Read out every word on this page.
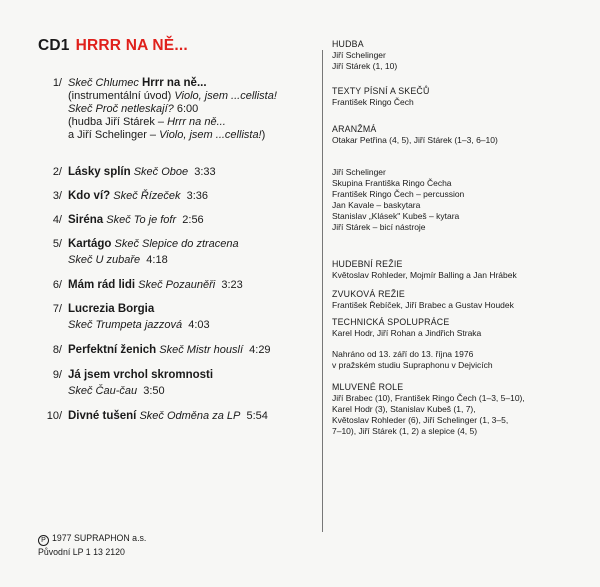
CD1 HRRR NA NĚ...
1/ Skeč Chlumec Hrrr na ně...
(instrumentální úvod) Violo, jsem ...cellista!
Skeč Proč netleskají? 6:00
(hudba Jiří Stárek – Hrrr na ně...
a Jiří Schelinger – Violo, jsem ...cellista!)
2/ Lásky splín Skeč Oboe 3:33
3/ Kdo ví? Skeč Řízeček 3:36
4/ Siréna Skeč To je fofr 2:56
5/ Kartágo Skeč Slepice do ztracena
Skeč U zubaře 4:18
6/ Mám rád lidi Skeč Pozauněři 3:23
7/ Lucrezia Borgia
Skeč Trumpeta jazzová 4:03
8/ Perfektní ženich Skeč Mistr houslí 4:29
9/ Já jsem vrchol skromnosti
Skeč Čau-čau 3:50
10/ Divné tušení Skeč Odměna za LP 5:54
HUDBA
Jiří Schelinger
Jiří Stárek (1, 10)
TEXTY PÍSNÍ A SKEČŮ
František Ringo Čech
ARANŽMÁ
Otakar Petřina (4, 5), Jiří Stárek (1–3, 6–10)
Jiří Schelinger
Skupina Františka Ringo Čecha
František Ringo Čech – percussion
Jan Kavale – baskytara
Stanislav „Klásek" Kubeš – kytara
Jiří Stárek – bicí nástroje
HUDEBNÍ REŽIE
Květoslav Rohleder, Mojmír Balling a Jan Hrábek
ZVUKOVÁ REŽIE
František Řebíček, Jiří Brabec a Gustav Houdek
TECHNICKÁ SPOLUPRÁCE
Karel Hodr, Jiří Rohan a Jindřich Straka
Nahráno od 13. září do 13. října 1976
v pražském studiu Supraphonu v Dejvicích
MLUVENÉ ROLE
Jiří Brabec (10), František Ringo Čech (1–3, 5–10),
Karel Hodr (3), Stanislav Kubeš (1, 7),
Květoslav Rohleder (6), Jiří Schelinger (1, 3–5,
7–10), Jiří Stárek (1, 2) a slepice (4, 5)
P 1977 SUPRAPHON a.s.
Původní LP 1 13 2120
